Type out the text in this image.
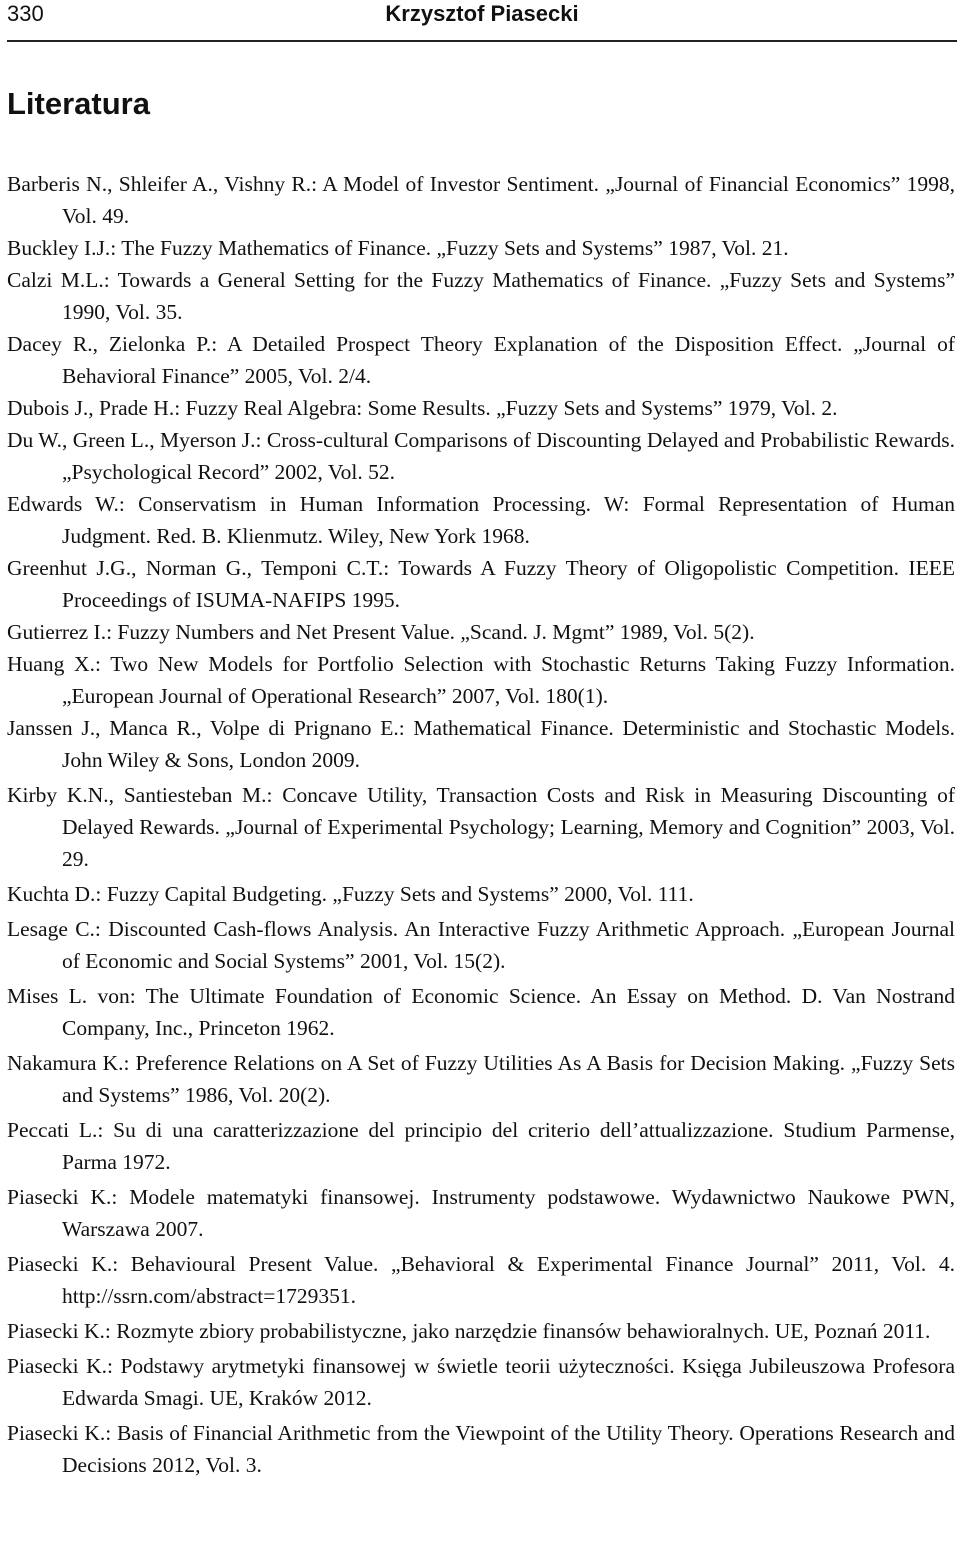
330	Krzysztof Piasecki
Literatura
Barberis N., Shleifer A., Vishny R.: A Model of Investor Sentiment. „Journal of Financial Economics” 1998, Vol. 49.
Buckley I.J.: The Fuzzy Mathematics of Finance. „Fuzzy Sets and Systems” 1987, Vol. 21.
Calzi M.L.: Towards a General Setting for the Fuzzy Mathematics of Finance. „Fuzzy Sets and Systems” 1990, Vol. 35.
Dacey R., Zielonka P.: A Detailed Prospect Theory Explanation of the Disposition Effect. „Journal of Behavioral Finance” 2005, Vol. 2/4.
Dubois J., Prade H.: Fuzzy Real Algebra: Some Results. „Fuzzy Sets and Systems” 1979, Vol. 2.
Du W., Green L., Myerson J.: Cross-cultural Comparisons of Discounting Delayed and Probabilistic Rewards. „Psychological Record” 2002, Vol. 52.
Edwards W.: Conservatism in Human Information Processing. W: Formal Representation of Human Judgment. Red. B. Klienmutz. Wiley, New York 1968.
Greenhut J.G., Norman G., Temponi C.T.: Towards A Fuzzy Theory of Oligopolistic Competition. IEEE Proceedings of ISUMA-NAFIPS 1995.
Gutierrez I.: Fuzzy Numbers and Net Present Value. „Scand. J. Mgmt” 1989, Vol. 5(2).
Huang X.: Two New Models for Portfolio Selection with Stochastic Returns Taking Fuzzy Information. „European Journal of Operational Research” 2007, Vol. 180(1).
Janssen J., Manca R., Volpe di Prignano E.: Mathematical Finance. Deterministic and Stochastic Models. John Wiley & Sons, London 2009.
Kirby K.N., Santiesteban M.: Concave Utility, Transaction Costs and Risk in Measuring Discounting of Delayed Rewards. „Journal of Experimental Psychology; Learning, Memory and Cognition” 2003, Vol. 29.
Kuchta D.: Fuzzy Capital Budgeting. „Fuzzy Sets and Systems” 2000, Vol. 111.
Lesage C.: Discounted Cash-flows Analysis. An Interactive Fuzzy Arithmetic Approach. „European Journal of Economic and Social Systems” 2001, Vol. 15(2).
Mises L. von: The Ultimate Foundation of Economic Science. An Essay on Method. D. Van Nostrand Company, Inc., Princeton 1962.
Nakamura K.: Preference Relations on A Set of Fuzzy Utilities As A Basis for Decision Making. „Fuzzy Sets and Systems” 1986, Vol. 20(2).
Peccati L.: Su di una caratterizzazione del principio del criterio dell’attualizzazione. Studium Parmense, Parma 1972.
Piasecki K.: Modele matematyki finansowej. Instrumenty podstawowe. Wydawnictwo Naukowe PWN, Warszawa 2007.
Piasecki K.: Behavioural Present Value. „Behavioral & Experimental Finance Journal” 2011, Vol. 4. http://ssrn.com/abstract=1729351.
Piasecki K.: Rozmyte zbiory probabilistyczne, jako narzędzie finansów behawioralnych. UE, Poznań 2011.
Piasecki K.: Podstawy arytmetyki finansowej w świetle teorii użyteczności. Księga Jubileuszowa Profesora Edwarda Smagi. UE, Kraków 2012.
Piasecki K.: Basis of Financial Arithmetic from the Viewpoint of the Utility Theory. Operations Research and Decisions 2012, Vol. 3.
